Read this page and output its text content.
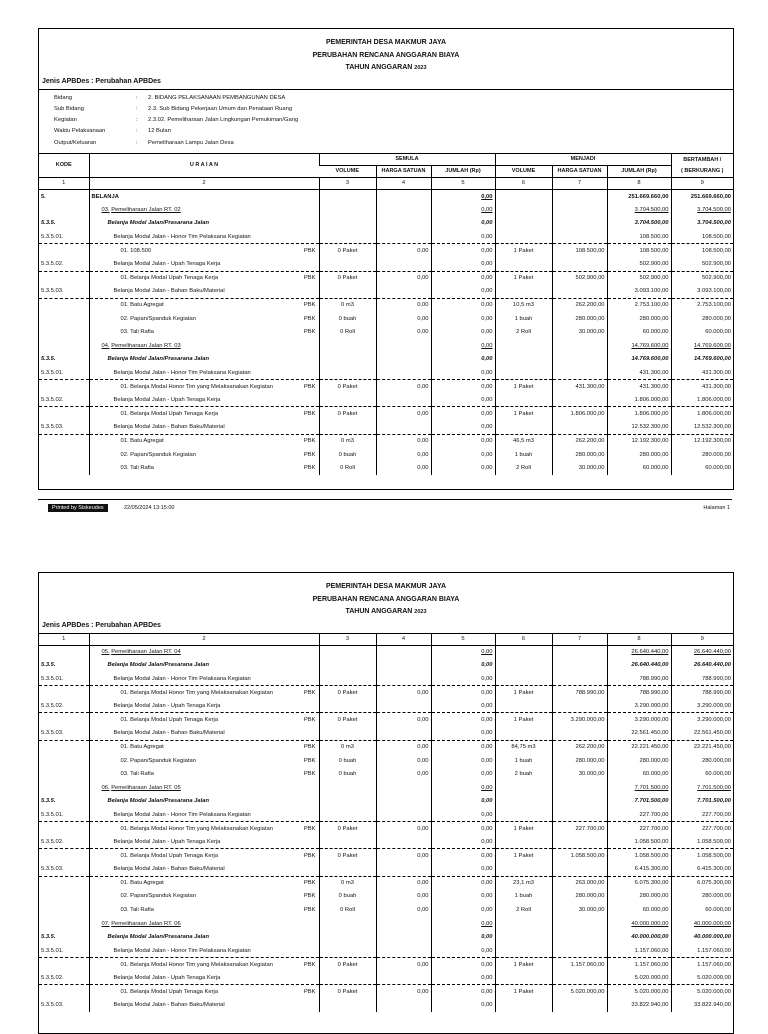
PEMERINTAH DESA MAKMUR JAYA
PERUBAHAN RENCANA ANGGARAN BIAYA
TAHUN ANGGARAN 2023
Jenis APBDes : Perubahan APBDes
Bidang	:	2. BIDANG PELAKSANAAN PEMBANGUNAN DESA
Sub Bidang	:	2.3. Sub Bidang Pekerjaan Umum dan Penataan Ruang
Kegiatan	:	2.3.02. Pemeliharaan Jalan Lingkungan Pemukiman/Gang
Waktu Pelaksanaan	:	12 Bulan
Output/Keluaran	:	Pemeliharaan Lampu Jalan Desa
KODE	U R A I A N	SEMULA			MENJADI			BERTAMBAH /
		VOLUME	HARGA SATUAN	JUMLAH (Rp)	VOLUME	HARGA SATUAN	JUMLAH (Rp)	( BERKURANG )
1	2	3	4	5	6	7	8	9
5.	BELANJA			0,00			251.669.660,00	251.669.660,00
	03. Pemeliharaan Jalan RT. 02			0,00			3.704.500,00	3.704.500,00
5.3.5.	Belanja Modal Jalan/Prasarana Jalan			0,00			3.704.500,00	3.704.500,00
5.3.5.01.	Belanja Modal Jalan - Honor Tim Pelaksana Kegiatan			0,00			108.500,00	108.500,00
	01. 108.500 PBK	0 Paket	0,00	0,00	1 Paket	108.500,00	108.500,00	108.500,00
5.3.5.02.	Belanja Modal Jalan - Upah Tenaga Kerja			0,00			502.900,00	502.900,00
	01. Belanja Modal Upah Tenaga Kerja PBK	0 Paket	0,00	0,00	1 Paket	502.900,00	502.900,00	502.900,00
5.3.5.03.	Belanja Modal Jalan - Bahan Baku/Material			0,00			3.093.100,00	3.093.100,00
	01. Batu Agregat PBK	0 m3	0,00	0,00	10,5 m3	262.200,00	2.753.100,00	2.753.100,00
	02. Papan/Spanduk Kegiatan PBK	0 buah	0,00	0,00	1 buah	280.000,00	280.000,00	280.000,00
	03. Tali Rafia PBK	0 Roll	0,00	0,00	2 Roll	30.000,00	60.000,00	60.000,00
	04. Pemeliharaan Jalan RT. 03			0,00			14.769.600,00	14.769.600,00
5.3.5.	Belanja Modal Jalan/Prasarana Jalan			0,00			14.769.600,00	14.769.600,00
5.3.5.01.	Belanja Modal Jalan - Honor Tim Pelaksana Kegiatan			0,00			431.300,00	431.300,00
	01. Belanja Modal Honor Tim yang Melaksanakan Kegiatan PBK	0 Paket	0,00	0,00	1 Paket	431.300,00	431.300,00	431.300,00
5.3.5.02.	Belanja Modal Jalan - Upah Tenaga Kerja			0,00			1.806.000,00	1.806.000,00
	01. Belanja Modal Upah Tenaga Kerja PBK	0 Paket	0,00	0,00	1 Paket	1.806.000,00	1.806.000,00	1.806.000,00
5.3.5.03.	Belanja Modal Jalan - Bahan Baku/Material			0,00			12.532.300,00	12.532.300,00
	01. Batu Agregat PBK	0 m3	0,00	0,00	46,5 m3	262.200,00	12.192.300,00	12.192.300,00
	02. Papan/Spanduk Kegiatan PBK	0 buah	0,00	0,00	1 buah	280.000,00	280.000,00	280.000,00
	03. Tali Rafia PBK	0 Roll	0,00	0,00	2 Roll	30.000,00	60.000,00	60.000,00
Printed by Siskeudes	22/05/2024 13:15:00	Halaman 1
PEMERINTAH DESA MAKMUR JAYA
PERUBAHAN RENCANA ANGGARAN BIAYA
TAHUN ANGGARAN 2023
Jenis APBDes : Perubahan APBDes
1	2	3	4	5	6	7	8	9
	05. Pemeliharaan Jalan RT. 04			0,00			26.640.440,00	26.640.440,00
5.3.5.	Belanja Modal Jalan/Prasarana Jalan			0,00			26.640.440,00	26.640.440,00
5.3.5.01.	Belanja Modal Jalan - Honor Tim Pelaksana Kegiatan			0,00			788.990,00	788.990,00
	01. Belanja Modal Honor Tim yang Melaksanakan Kegiatan PBK	0 Paket	0,00	0,00	1 Paket	788.990,00	788.990,00	788.990,00
5.3.5.02.	Belanja Modal Jalan - Upah Tenaga Kerja			0,00			3.290.000,00	3.290.000,00
	01. Belanja Modal Upah Tenaga Kerja PBK	0 Paket	0,00	0,00	1 Paket	3.290.000,00	3.290.000,00	3.290.000,00
5.3.5.03.	Belanja Modal Jalan - Bahan Baku/Material			0,00			22.561.450,00	22.561.450,00
	01. Batu Agregat PBK	0 m3	0,00	0,00	84,75 m3	262.200,00	22.221.450,00	22.221.450,00
	02. Papan/Spanduk Kegiatan PBK	0 buah	0,00	0,00	1 buah	280.000,00	280.000,00	280.000,00
	03. Tali Rafia PBK	0 buah	0,00	0,00	2 buah	30.000,00	60.000,00	60.000,00
	06. Pemeliharaan Jalan RT. 05			0,00			7.701.500,00	7.701.500,00
5.3.5.	Belanja Modal Jalan/Prasarana Jalan			0,00			7.701.500,00	7.701.500,00
5.3.5.01.	Belanja Modal Jalan - Honor Tim Pelaksana Kegiatan			0,00			227.700,00	227.700,00
	01. Belanja Modal Honor Tim yang Melaksanakan Kegiatan PBK	0 Paket	0,00	0,00	1 Paket	227.700,00	227.700,00	227.700,00
5.3.5.02.	Belanja Modal Jalan - Upah Tenaga Kerja			0,00			1.058.500,00	1.058.500,00
	01. Belanja Modal Upah Tenaga Kerja PBK	0 Paket	0,00	0,00	1 Paket	1.058.500,00	1.058.500,00	1.058.500,00
5.3.5.03.	Belanja Modal Jalan - Bahan Baku/Material			0,00			6.415.300,00	6.415.300,00
	01. Batu Agregat PBK	0 m3	0,00	0,00	23,1 m3	263.000,00	6.075.300,00	6.075.300,00
	02. Papan/Spanduk Kegiatan PBK	0 buah	0,00	0,00	1 buah	280.000,00	280.000,00	280.000,00
	03. Tali Rafia PBK	0 Roll	0,00	0,00	2 Roll	30.000,00	60.000,00	60.000,00
	07. Pemeliharaan Jalan RT. 06			0,00			40.000.000,00	40.000.000,00
5.3.5.	Belanja Modal Jalan/Prasarana Jalan			0,00			40.000.000,00	40.000.000,00
5.3.5.01.	Belanja Modal Jalan - Honor Tim Pelaksana Kegiatan			0,00			1.157.060,00	1.157.060,00
	01. Belanja Modal Honor Tim yang Melaksanakan Kegiatan PBK	0 Paket	0,00	0,00	1 Paket	1.157.060,00	1.157.060,00	1.157.060,00
5.3.5.02.	Belanja Modal Jalan - Upah Tenaga Kerja			0,00			5.020.000,00	5.020.000,00
	01. Belanja Modal Upah Tenaga Kerja PBK	0 Paket	0,00	0,00	1 Paket	5.020.000,00	5.020.000,00	5.020.000,00
5.3.5.03.	Belanja Modal Jalan - Bahan Baku/Material			0,00			33.822.940,00	33.822.940,00
